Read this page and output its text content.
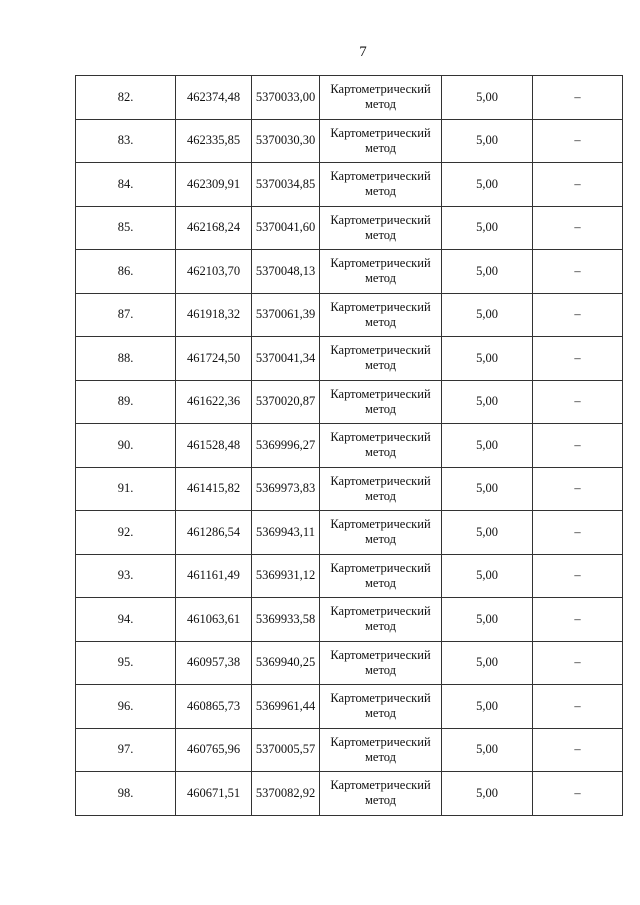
7
82.	462374,48	5370033,00	Картометрический метод	5,00	–
83.	462335,85	5370030,30	Картометрический метод	5,00	–
84.	462309,91	5370034,85	Картометрический метод	5,00	–
85.	462168,24	5370041,60	Картометрический метод	5,00	–
86.	462103,70	5370048,13	Картометрический метод	5,00	–
87.	461918,32	5370061,39	Картометрический метод	5,00	–
88.	461724,50	5370041,34	Картометрический метод	5,00	–
89.	461622,36	5370020,87	Картометрический метод	5,00	–
90.	461528,48	5369996,27	Картометрический метод	5,00	–
91.	461415,82	5369973,83	Картометрический метод	5,00	–
92.	461286,54	5369943,11	Картометрический метод	5,00	–
93.	461161,49	5369931,12	Картометрический метод	5,00	–
94.	461063,61	5369933,58	Картометрический метод	5,00	–
95.	460957,38	5369940,25	Картометрический метод	5,00	–
96.	460865,73	5369961,44	Картометрический метод	5,00	–
97.	460765,96	5370005,57	Картометрический метод	5,00	–
98.	460671,51	5370082,92	Картометрический метод	5,00	–
